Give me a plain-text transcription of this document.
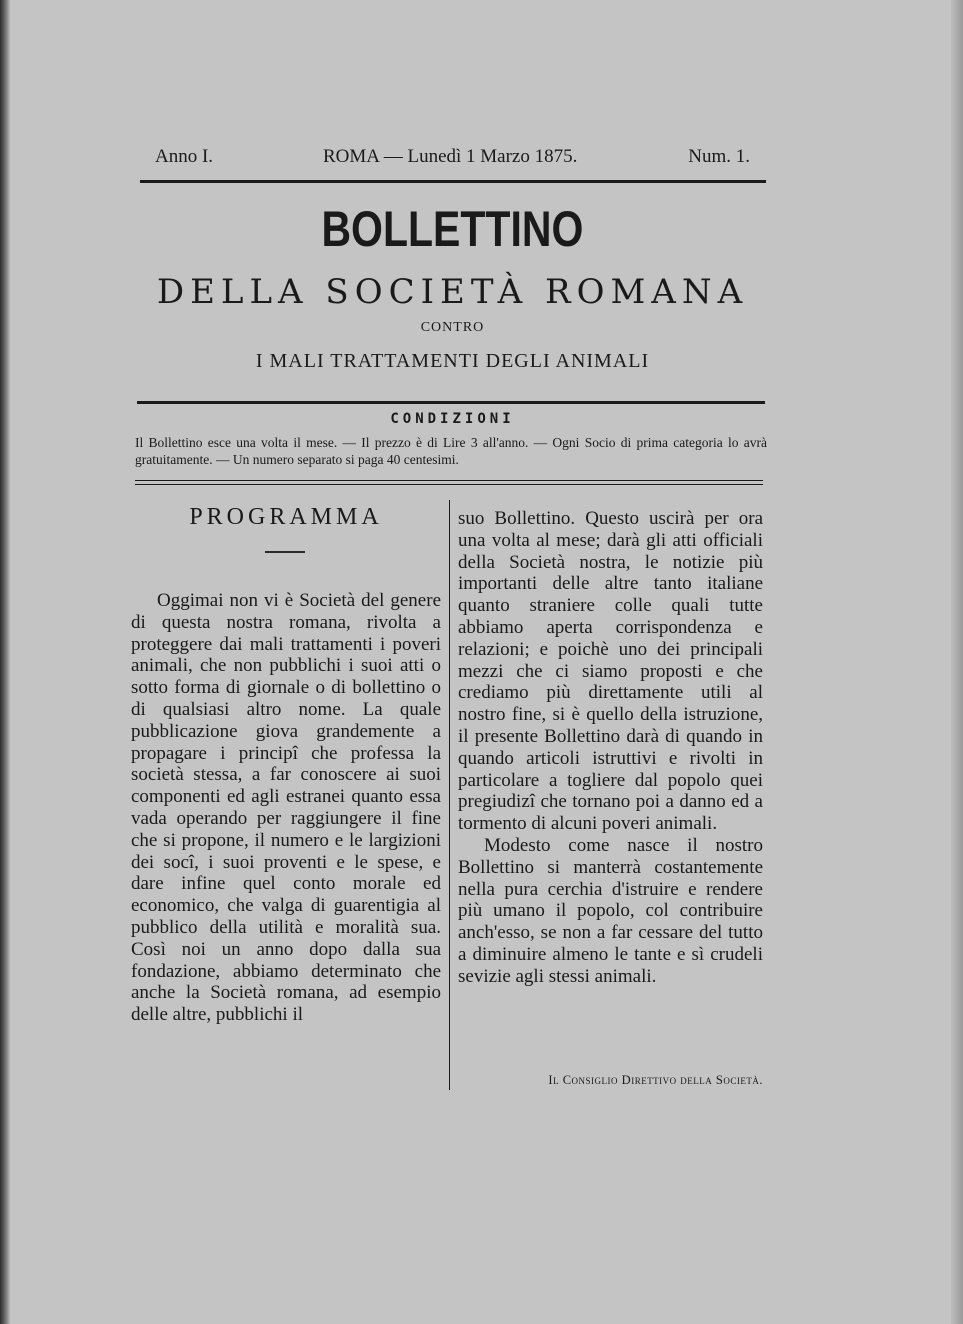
Anno I.	ROMA — Lunedì 1 Marzo 1875.	Num. 1.
BOLLETTINO
DELLA SOCIETÀ ROMANA
CONTRO
I MALI TRATTAMENTI DEGLI ANIMALI
CONDIZIONI
Il Bollettino esce una volta il mese. — Il prezzo è di Lire 3 all'anno. — Ogni Socio di prima categoria lo avrà gratuitamente. — Un numero separato si paga 40 centesimi.
PROGRAMMA

Oggimai non vi è Società del genere di questa nostra romana, rivolta a proteggere dai mali trattamenti i poveri animali, che non pubblichi i suoi atti o sotto forma di giornale o di bollettino o di qualsiasi altro nome. La quale pubblicazione giova grandemente a propagare i principî che professa la società stessa, a far conoscere ai suoi componenti ed agli estranei quanto essa vada operando per raggiungere il fine che si propone, il numero e le largizioni dei socî, i suoi proventi e le spese, e dare infine quel conto morale ed economico, che valga di guarentigia al pubblico della utilità e moralità sua. Così noi un anno dopo dalla sua fondazione, abbiamo determinato che anche la Società romana, ad esempio delle altre, pubblichi il

suo Bollettino. Questo uscirà per ora una volta al mese; darà gli atti officiali della Società nostra, le notizie più importanti delle altre tanto italiane quanto straniere colle quali tutte abbiamo aperta corrispondenza e relazioni; e poichè uno dei principali mezzi che ci siamo proposti e che crediamo più direttamente utili al nostro fine, si è quello della istruzione, il presente Bollettino darà di quando in quando articoli istruttivi e rivolti in particolare a togliere dal popolo quei pregiudizî che tornano poi a danno ed a tormento di alcuni poveri animali.

Modesto come nasce il nostro Bollettino si manterrà costantemente nella pura cerchia d'istruire e rendere più umano il popolo, col contribuire anch'esso, se non a far cessare del tutto a diminuire almeno le tante e sì crudeli sevizie agli stessi animali.

Il Consiglio Direttivo della Società.
